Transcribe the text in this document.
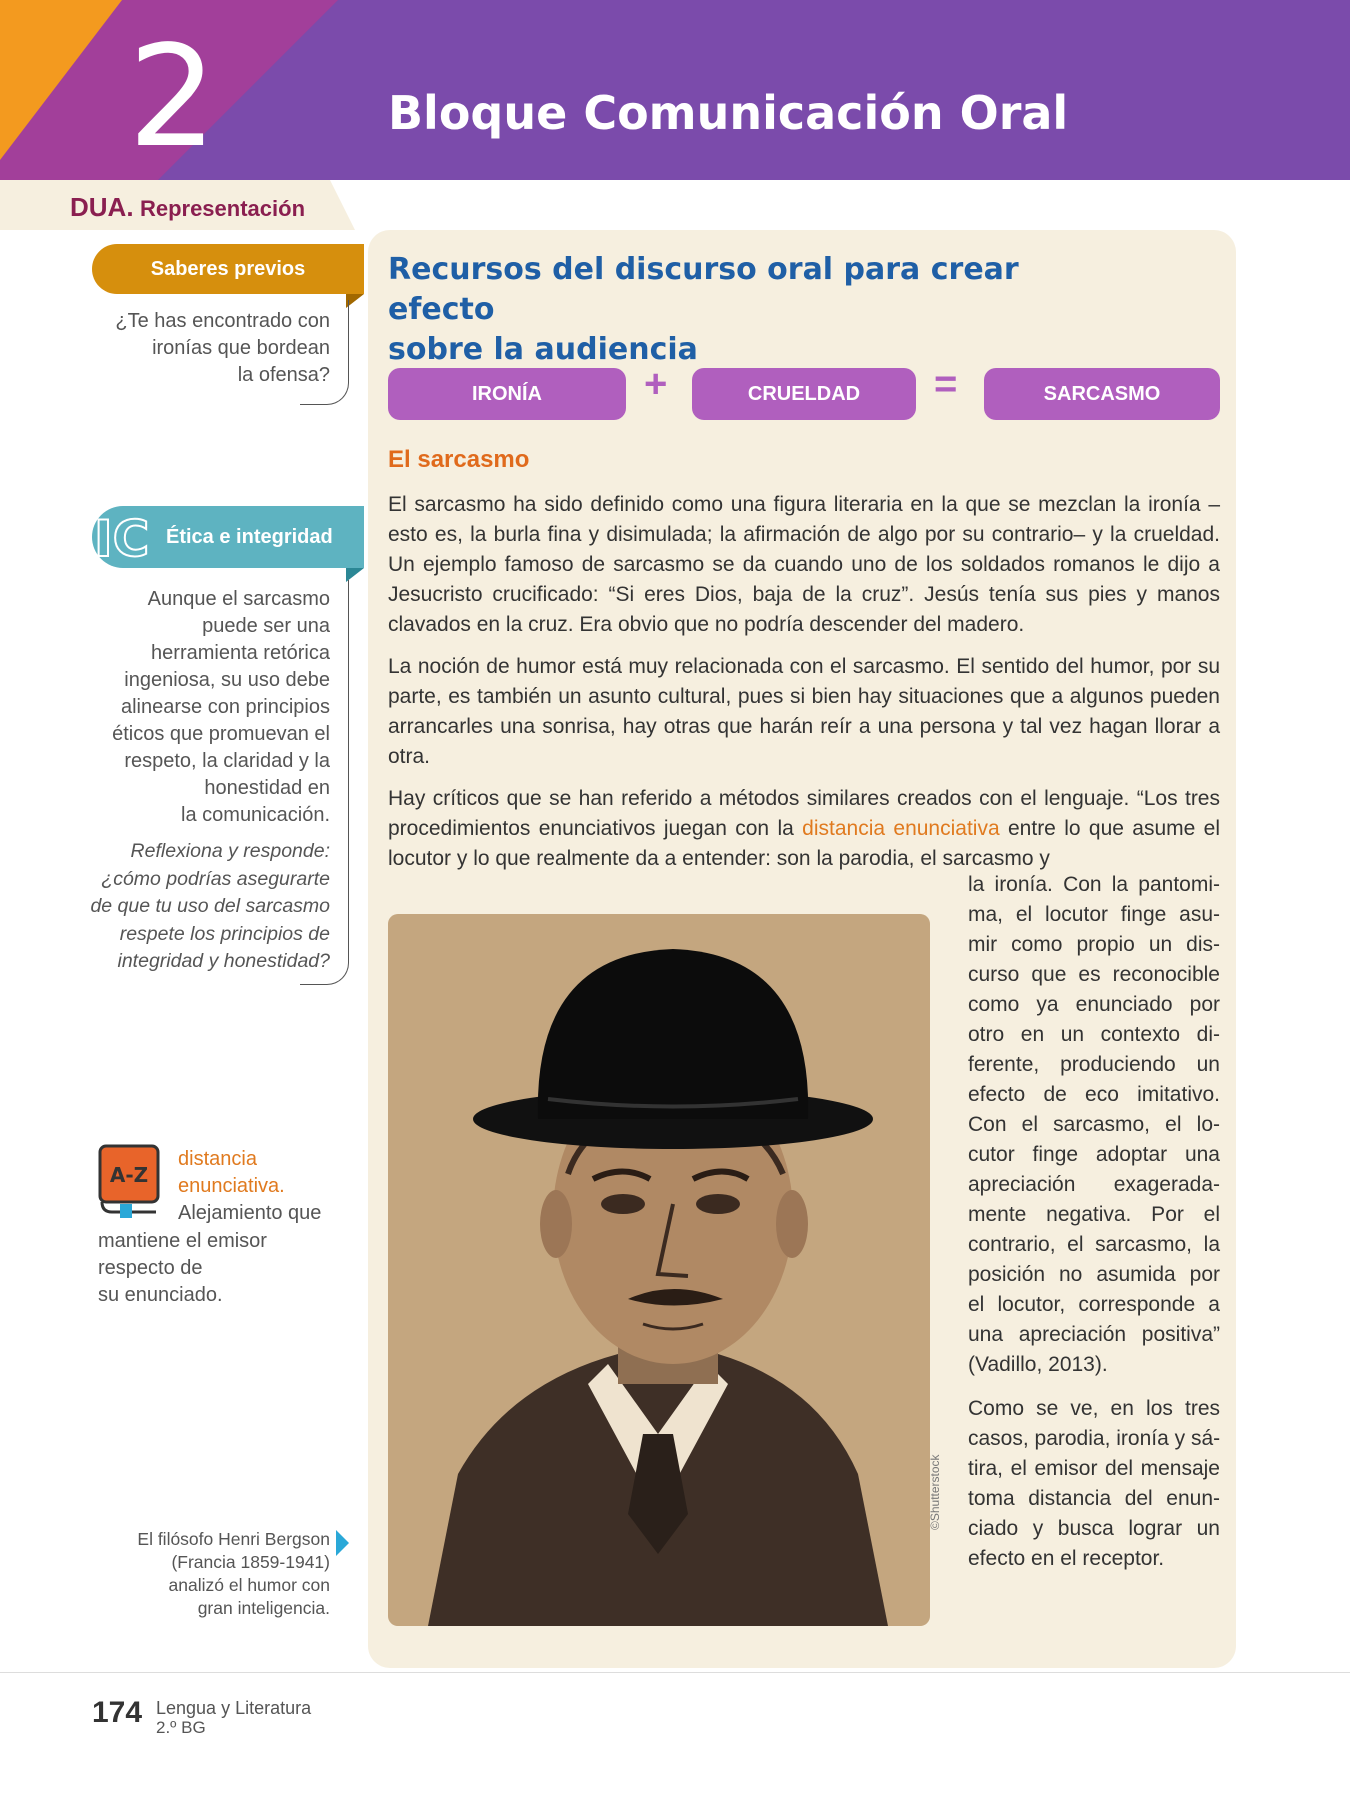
2	Bloque Comunicación Oral
DUA. Representación
Saberes previos
¿Te has encontrado con
ironías que bordean
la ofensa?
IC Ética e integridad
Aunque el sarcasmo
puede ser una
herramienta retórica
ingeniosa, su uso debe
alinearse con principios
éticos que promuevan el
respeto, la claridad y la
honestidad en
la comunicación.
Reflexiona y responde:
¿cómo podrías asegurarte
de que tu uso del sarcasmo
respete los principios de
integridad y honestidad?
A-Z
distancia
enunciativa.
Alejamiento que
mantiene el emisor
respecto de
su enunciado.
El filósofo Henri Bergson
(Francia 1859-1941)
analizó el humor con
gran inteligencia.
Recursos del discurso oral para crear efecto
sobre la audiencia
IRONÍA	+	CRUELDAD	=	SARCASMO
El sarcasmo
El sarcasmo ha sido definido como una figura literaria en la que se mezclan la ironía –esto es, la burla fina y disimulada; la afirmación de algo por su contrario– y la crueldad. Un ejemplo famoso de sarcasmo se da cuando uno de los soldados romanos le dijo a Jesucristo crucificado: “Si eres Dios, baja de la cruz”. Jesús tenía sus pies y manos clavados en la cruz. Era obvio que no podría descender del madero.
La noción de humor está muy relacionada con el sarcasmo. El sentido del humor, por su parte, es también un asunto cultural, pues si bien hay situaciones que a algunos pueden arrancarles una sonrisa, hay otras que harán reír a una persona y tal vez hagan llorar a otra.
Hay críticos que se han referido a métodos similares creados con el lenguaje. “Los tres procedimientos enunciativos juegan con la distancia enunciativa entre lo que asume el locutor y lo que realmente da a entender: son la parodia, el sarcasmo y
©Shutterstock
174 Lengua y Literatura
2.º BG
la ironía. Con la pantomi-
ma, el locutor finge asu-
mir como propio un dis-
curso que es reconocible
como ya enunciado por
otro en un contexto di-
ferente, produciendo un
efecto de eco imitativo.
Con el sarcasmo, el lo-
cutor finge adoptar una
apreciación exagerada-
mente negativa. Por el
contrario, el sarcasmo, la
posición no asumida por
el locutor, corresponde a
una apreciación positiva”
(Vadillo, 2013).
Como se ve, en los tres
casos, parodia, ironía y sá-
tira, el emisor del mensaje
toma distancia del enun-
ciado y busca lograr un
efecto en el receptor.
